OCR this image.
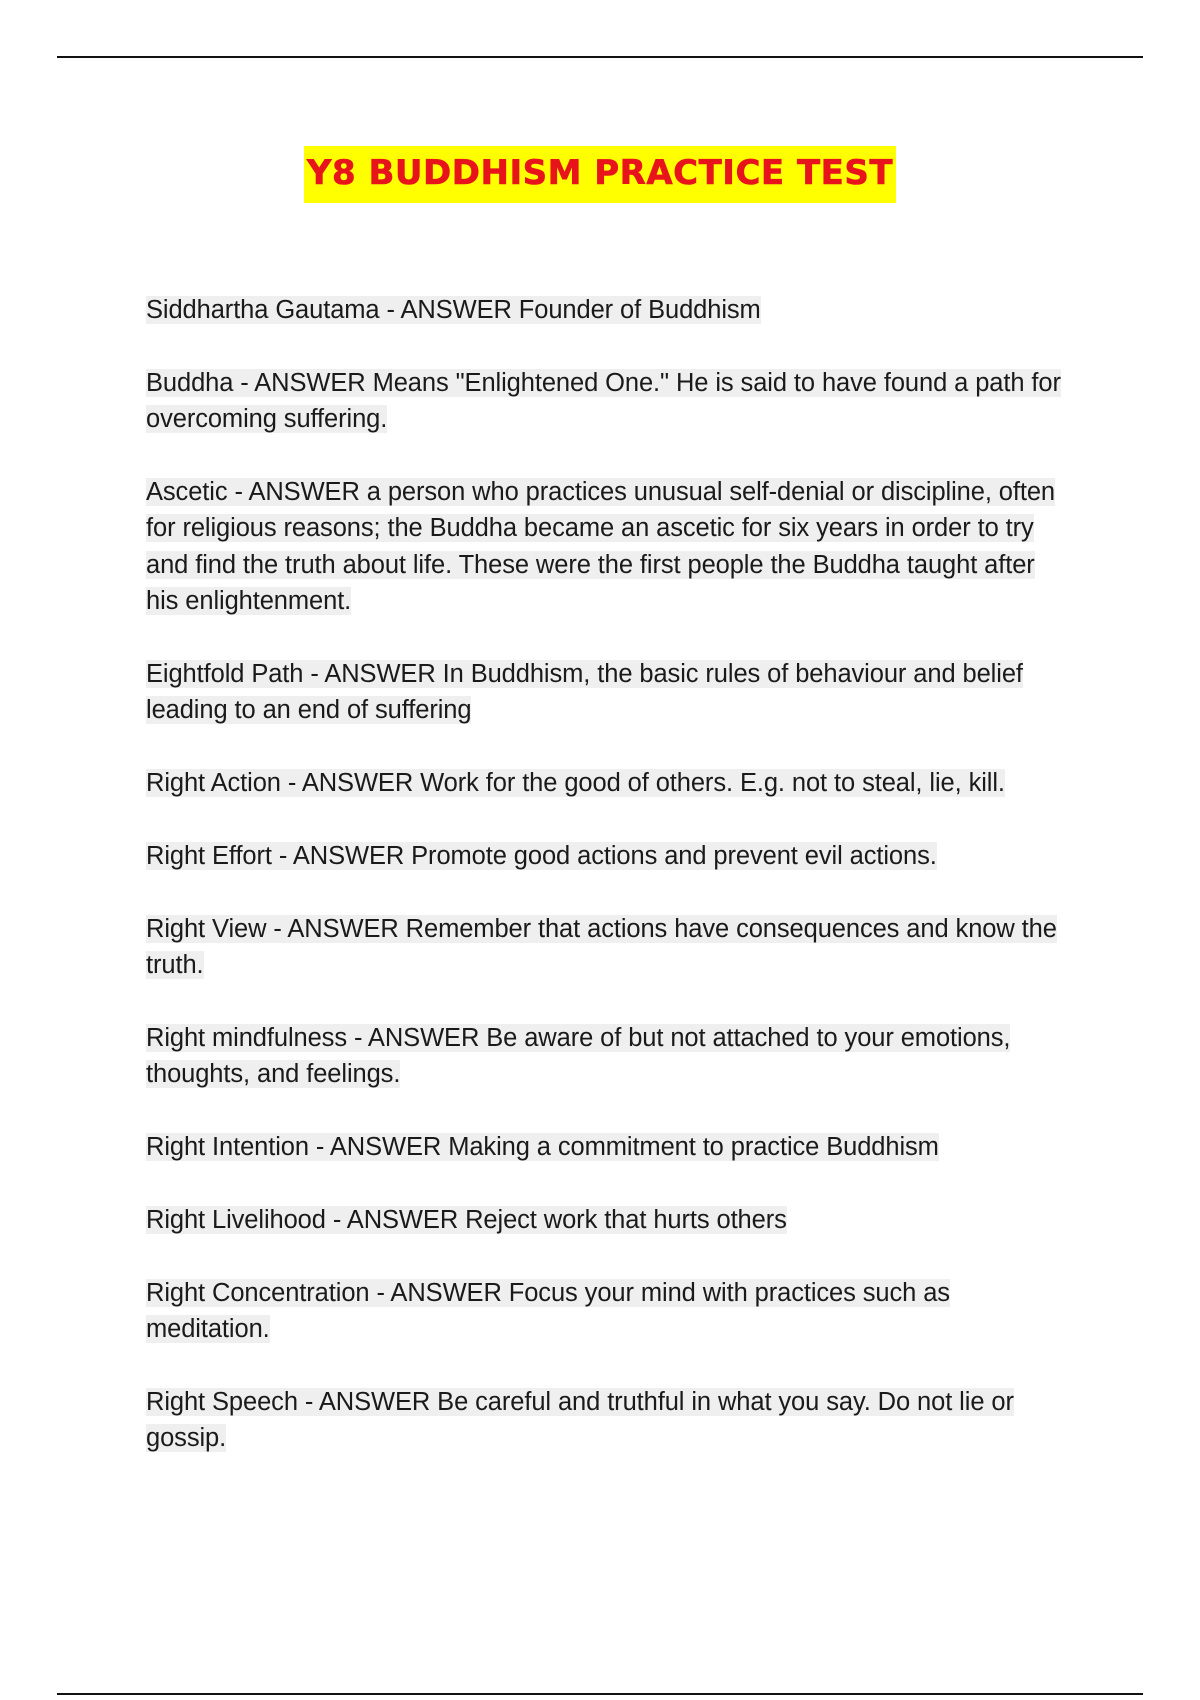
Y8 BUDDHISM PRACTICE TEST
Siddhartha Gautama - ANSWER Founder of Buddhism
Buddha - ANSWER Means "Enlightened One." He is said to have found a path for overcoming suffering.
Ascetic - ANSWER a person who practices unusual self-denial or discipline, often for religious reasons; the Buddha became an ascetic for six years in order to try and find the truth about life. These were the first people the Buddha taught after his enlightenment.
Eightfold Path - ANSWER In Buddhism, the basic rules of behaviour and belief leading to an end of suffering
Right Action - ANSWER Work for the good of others. E.g. not to steal, lie, kill.
Right Effort - ANSWER Promote good actions and prevent evil actions.
Right View - ANSWER Remember that actions have consequences and know the truth.
Right mindfulness - ANSWER Be aware of but not attached to your emotions, thoughts, and feelings.
Right Intention - ANSWER Making a commitment to practice Buddhism
Right Livelihood - ANSWER Reject work that hurts others
Right Concentration - ANSWER Focus your mind with practices such as meditation.
Right Speech - ANSWER Be careful and truthful in what you say. Do not lie or gossip.
